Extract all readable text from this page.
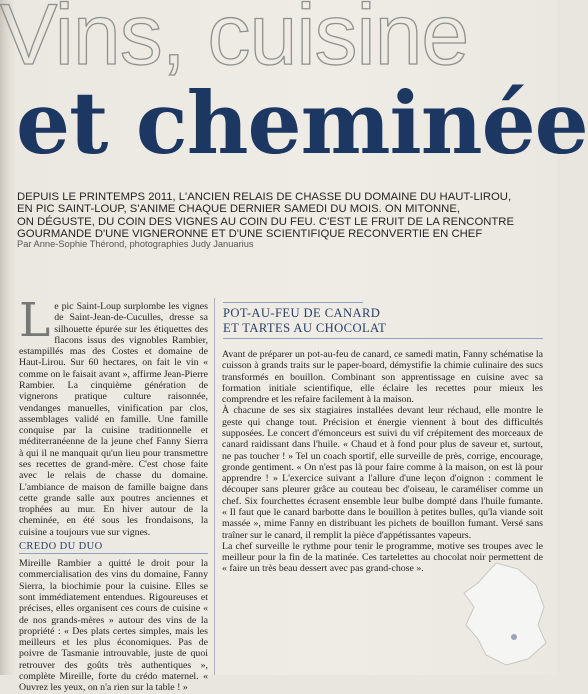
Vins, cuisine
et cheminée

DEPUIS LE PRINTEMPS 2011, L'ANCIEN RELAIS DE CHASSE DU DOMAINE DU HAUT-LIROU,

EN PIC SAINT-LOUP, S'ANIME CHAQUE DERNIER SAMEDI DU MOIS. ON MITONNE,

ON DÉGUSTE, DU COIN DES VIGNES AU COIN DU FEU. C'EST LE FRUIT DE LA RENCONTRE

GOURMANDE D'UNE VIGNERONNE ET D'UNE SCIENTIFIQUE RECONVERTIE EN CHEF

Par Anne-Sophie Thérond, photographies Judy Januarius

Le pic Saint-Loup surplombe les vignes de Saint-Jean-de-Cuculles, dresse sa silhouette épurée sur les étiquettes des flacons issus des vignobles Rambier, estampillés mas des Costes et domaine de Haut-Lirou. Sur 60 hectares, on fait le vin « comme on le faisait avant », affirme Jean-Pierre Rambier. La cinquième génération de vignerons pratique culture raisonnée, vendanges manuelles, vinification par clos, assemblages validé en famille. Une famille conquise par la cuisine traditionnelle et méditerranéenne de la jeune chef Fanny Sierra à qui il ne manquait qu'un lieu pour transmettre ses recettes de grand-mère. C'est chose faite avec le relais de chasse du domaine. L'ambiance de maison de famille baigne dans cette grande salle aux poutres anciennes et trophées au mur. En hiver autour de la cheminée, en été sous les frondaisons, la cuisine a toujours vue sur vignes.

CREDO DU DUO

Mireille Rambier a quitté le droit pour la commercialisation des vins du domaine, Fanny Sierra, la biochimie pour la cuisine. Elles se sont immédiatement entendues. Rigoureuses et précises, elles organisent ces cours de cuisine « de nos grands-mères » autour des vins de la propriété : « Des plats certes simples, mais les meilleurs et les plus économiques. Pas de poivre de Tasmanie introuvable, juste de quoi retrouver des goûts très authentiques », complète Mireille, forte du crédo maternel. « Ouvrez les yeux, on n'a rien sur la table ! »

POT-AU-FEU DE CANARD
ET TARTES AU CHOCOLAT

Avant de préparer un pot-au-feu de canard, ce samedi matin, Fanny schématise la cuisson à grands traits sur le paper-board, démystifie la chimie culinaire des sucs transformés en bouillon. Combinant son apprentissage en cuisine avec sa formation initiale scientifique, elle éclaire les recettes pour mieux les comprendre et les refaire facilement à la maison.

À chacune de ses six stagiaires installées devant leur réchaud, elle montre le geste qui change tout. Précision et énergie viennent à bout des difficultés supposées. Le concert d'émonceurs est suivi du vif crépitement des morceaux de canard raidissant dans l'huile. « Chaud et à fond pour plus de saveur et, surtout, ne pas toucher ! » Tel un coach sportif, elle surveille de près, corrige, encourage, gronde gentiment. « On n'est pas là pour faire comme à la maison, on est là pour apprendre ! » L'exercice suivant a l'allure d'une leçon d'oignon : comment le découper sans pleurer grâce au couteau bec d'oiseau, le caraméliser comme un chef. Six fourchettes écrasent ensemble leur bulbe dompté dans l'huile fumante. « Il faut que le canard barbotte dans le bouillon à petites bulles, qu'la viande soit massée », mime Fanny en distribuant les pichets de bouillon fumant. Versé sans traîner sur le canard, il remplit la pièce d'appétissantes vapeurs.

La chef surveille le rythme pour tenir le programme, motive ses troupes avec le meilleur pour la fin de la matinée. Ces tartelettes au chocolat noir permettent de « faire un très beau dessert avec pas grand-chose ».
